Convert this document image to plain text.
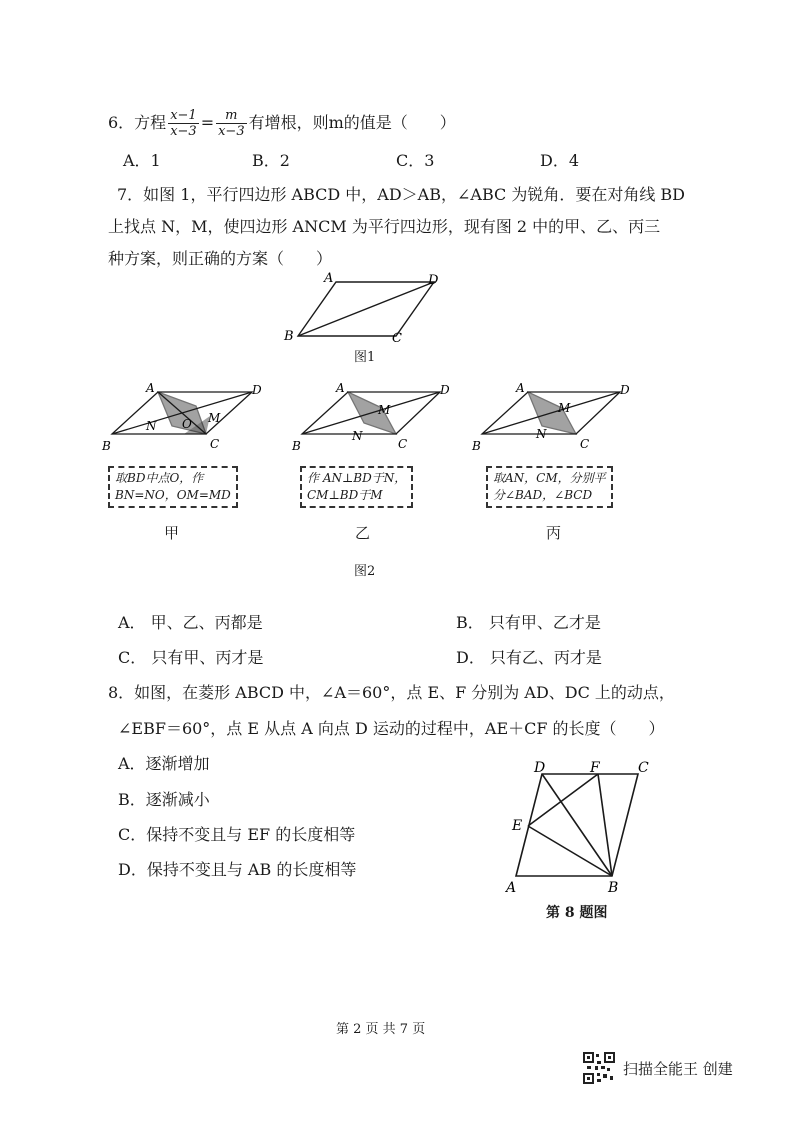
6．方程 $\frac{x-1}{x-3} = \frac{m}{x-3}$ 有增根，则m的值是（　　）
A．1	B．2	C．3	D．4
7．如图 1，平行四边形 ABCD 中，AD＞AB，∠ABC 为锐角．要在对角线 BD
上找点 N，M，使四边形 ANCM 为平行四边形，现有图 2 中的甲、乙、丙三
种方案，则正确的方案（　　）
A	D
B	C
图1
A	D
B	C
M
N O
取BD中点O，作
BN=NO，OM=MD
甲
A	D
B	C
M
N
作 AN⊥BD于N，
CM⊥BD于M
乙
A	D
B	C
M
N
取AN，CM，分别平
分∠BAD，∠BCD
丙
图2
A． 甲、乙、丙都是	B． 只有甲、乙才是
C． 只有甲、丙才是	D． 只有乙、丙才是
8．如图，在菱形 ABCD 中，∠A＝60°，点 E、F 分别为 AD、DC 上的动点，
∠EBF＝60°，点 E 从点 A 向点 D 运动的过程中，AE＋CF 的长度（　　）
A．逐渐增加
B．逐渐减小
C．保持不变且与 EF 的长度相等
D．保持不变且与 AB 的长度相等
D	F	C
E
A	B
第 8 题图
第 2 页 共 7 页
扫描全能王 创建
